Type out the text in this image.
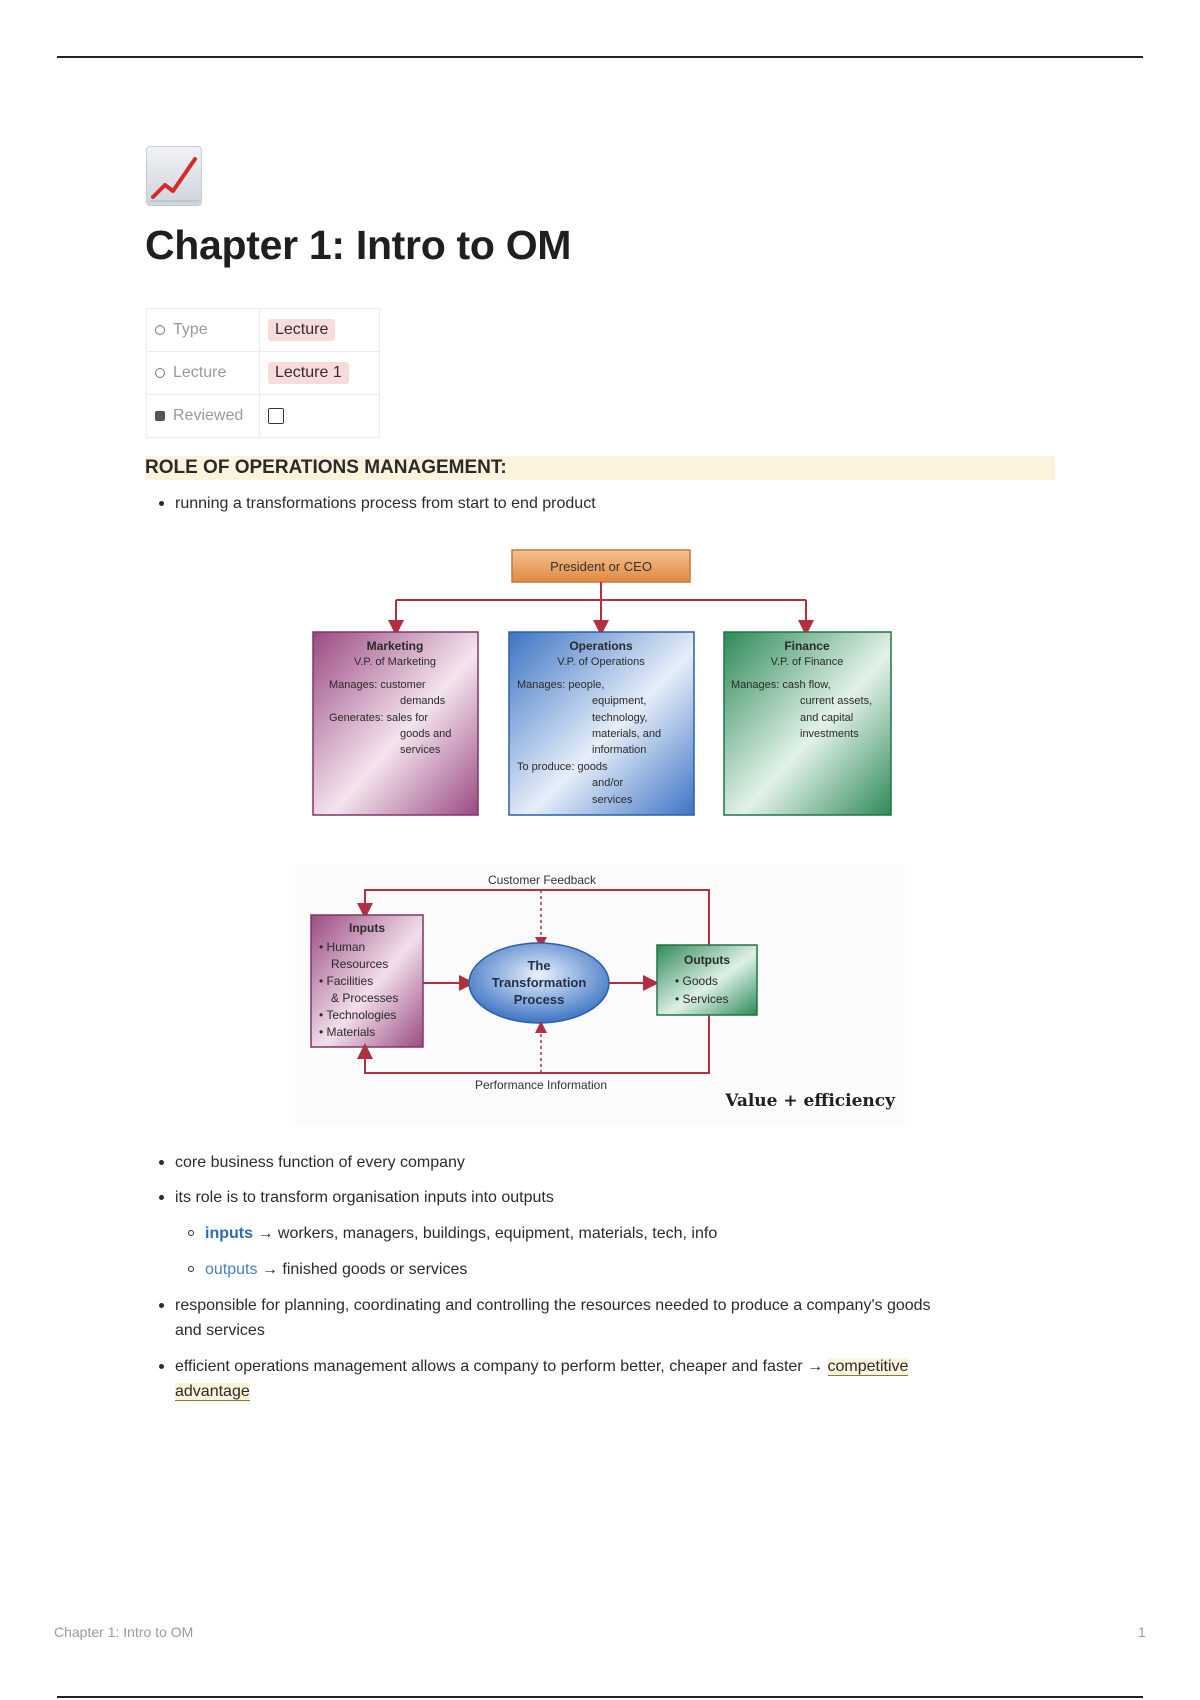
Chapter 1: Intro to OM
Type	Lecture
Lecture	Lecture 1
Reviewed	
ROLE OF OPERATIONS MANAGEMENT:
running a transformations process from start to end product
President or CEO
Marketing
V.P. of Marketing
Manages: customer
demands
Generates: sales for
goods and
services
Operations
V.P. of Operations
Manages: people,
equipment,
technology,
materials, and
information
To produce: goods
and/or
services
Finance
V.P. of Finance
Manages: cash flow,
current assets,
and capital
investments
Customer Feedback
Inputs
• Human
Resources
• Facilities
& Processes
• Technologies
• Materials
The
Transformation
Process
Outputs
• Goods
• Services
Performance Information
Value + efficiency
core business function of every company
its role is to transform organisation inputs into outputs
inputs → workers, managers, buildings, equipment, materials, tech, info
outputs → finished goods or services
responsible for planning, coordinating and controlling the resources needed to produce a company's goods
and services
efficient operations management allows a company to perform better, cheaper and faster → competitive
advantage
Chapter 1: Intro to OM	1
